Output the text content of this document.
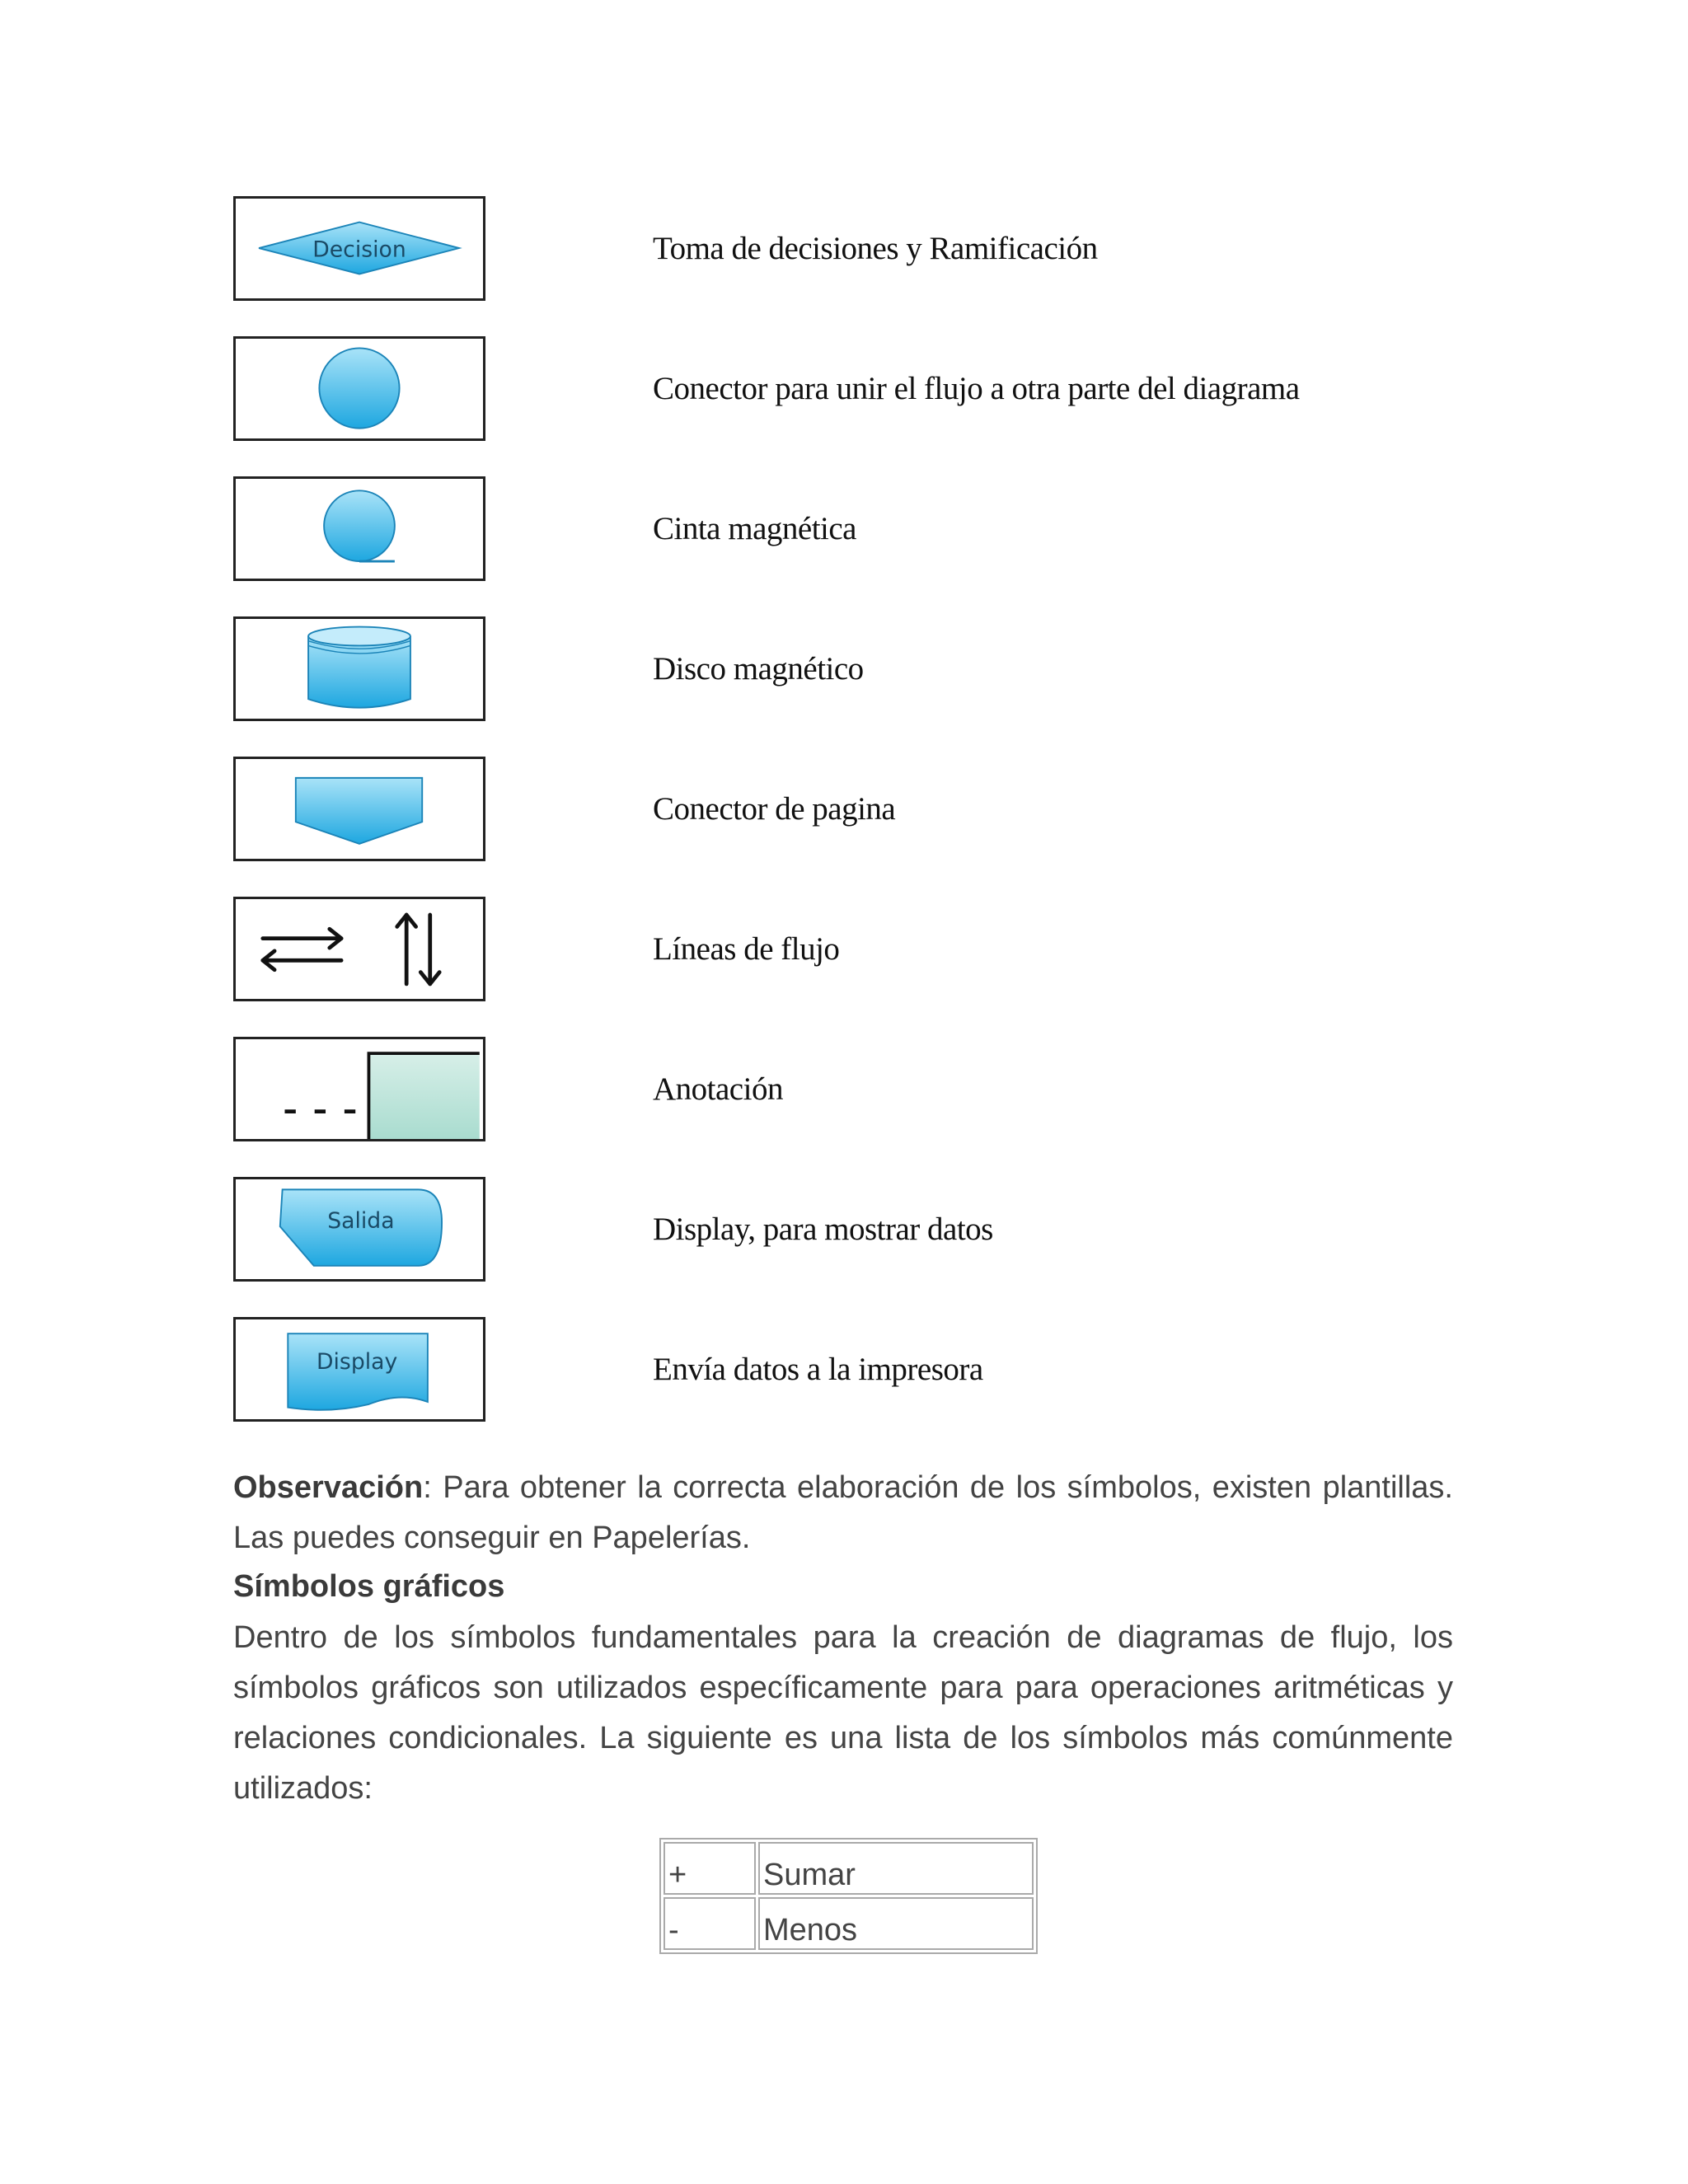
Decision	Toma de decisiones y Ramificación
Conector para unir el flujo a otra parte del diagrama
Cinta magnética
Disco magnético
Conector de pagina
Líneas de flujo
Anotación
Salida	Display, para mostrar datos
Display	Envía datos a la impresora
Observación: Para obtener la correcta elaboración de los símbolos, existen plantillas. Las puedes conseguir en Papelerías.
Símbolos gráficos
Dentro de los símbolos fundamentales para la creación de diagramas de flujo, los símbolos gráficos son utilizados específicamente para para operaciones aritméticas y relaciones condicionales. La siguiente es una lista de los símbolos más comúnmente utilizados:
+	Sumar
-	Menos
